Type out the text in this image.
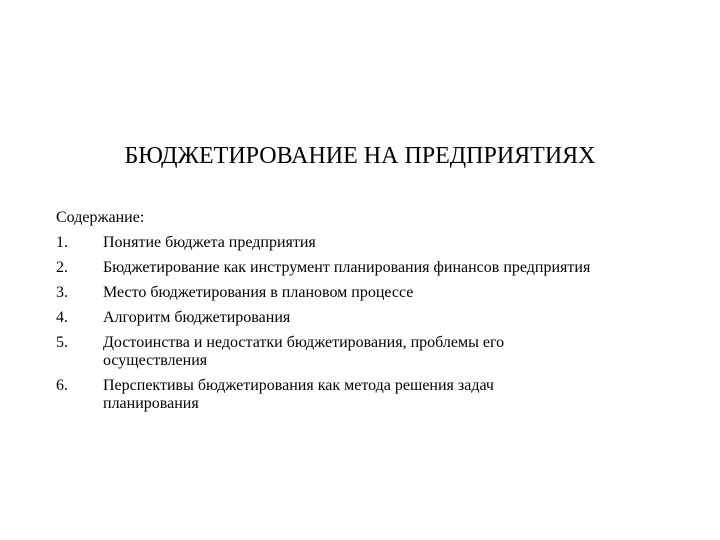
БЮДЖЕТИРОВАНИЕ НА ПРЕДПРИЯТИЯХ
Содержание:
1.	Понятие бюджета предприятия
2.	Бюджетирование как инструмент планирования финансов предприятия
3.	Место бюджетирования в плановом процессе
4.	Алгоритм бюджетирования
5.	Достоинства и недостатки бюджетирования, проблемы его осуществления
6.	Перспективы бюджетирования как метода решения задач планирования
